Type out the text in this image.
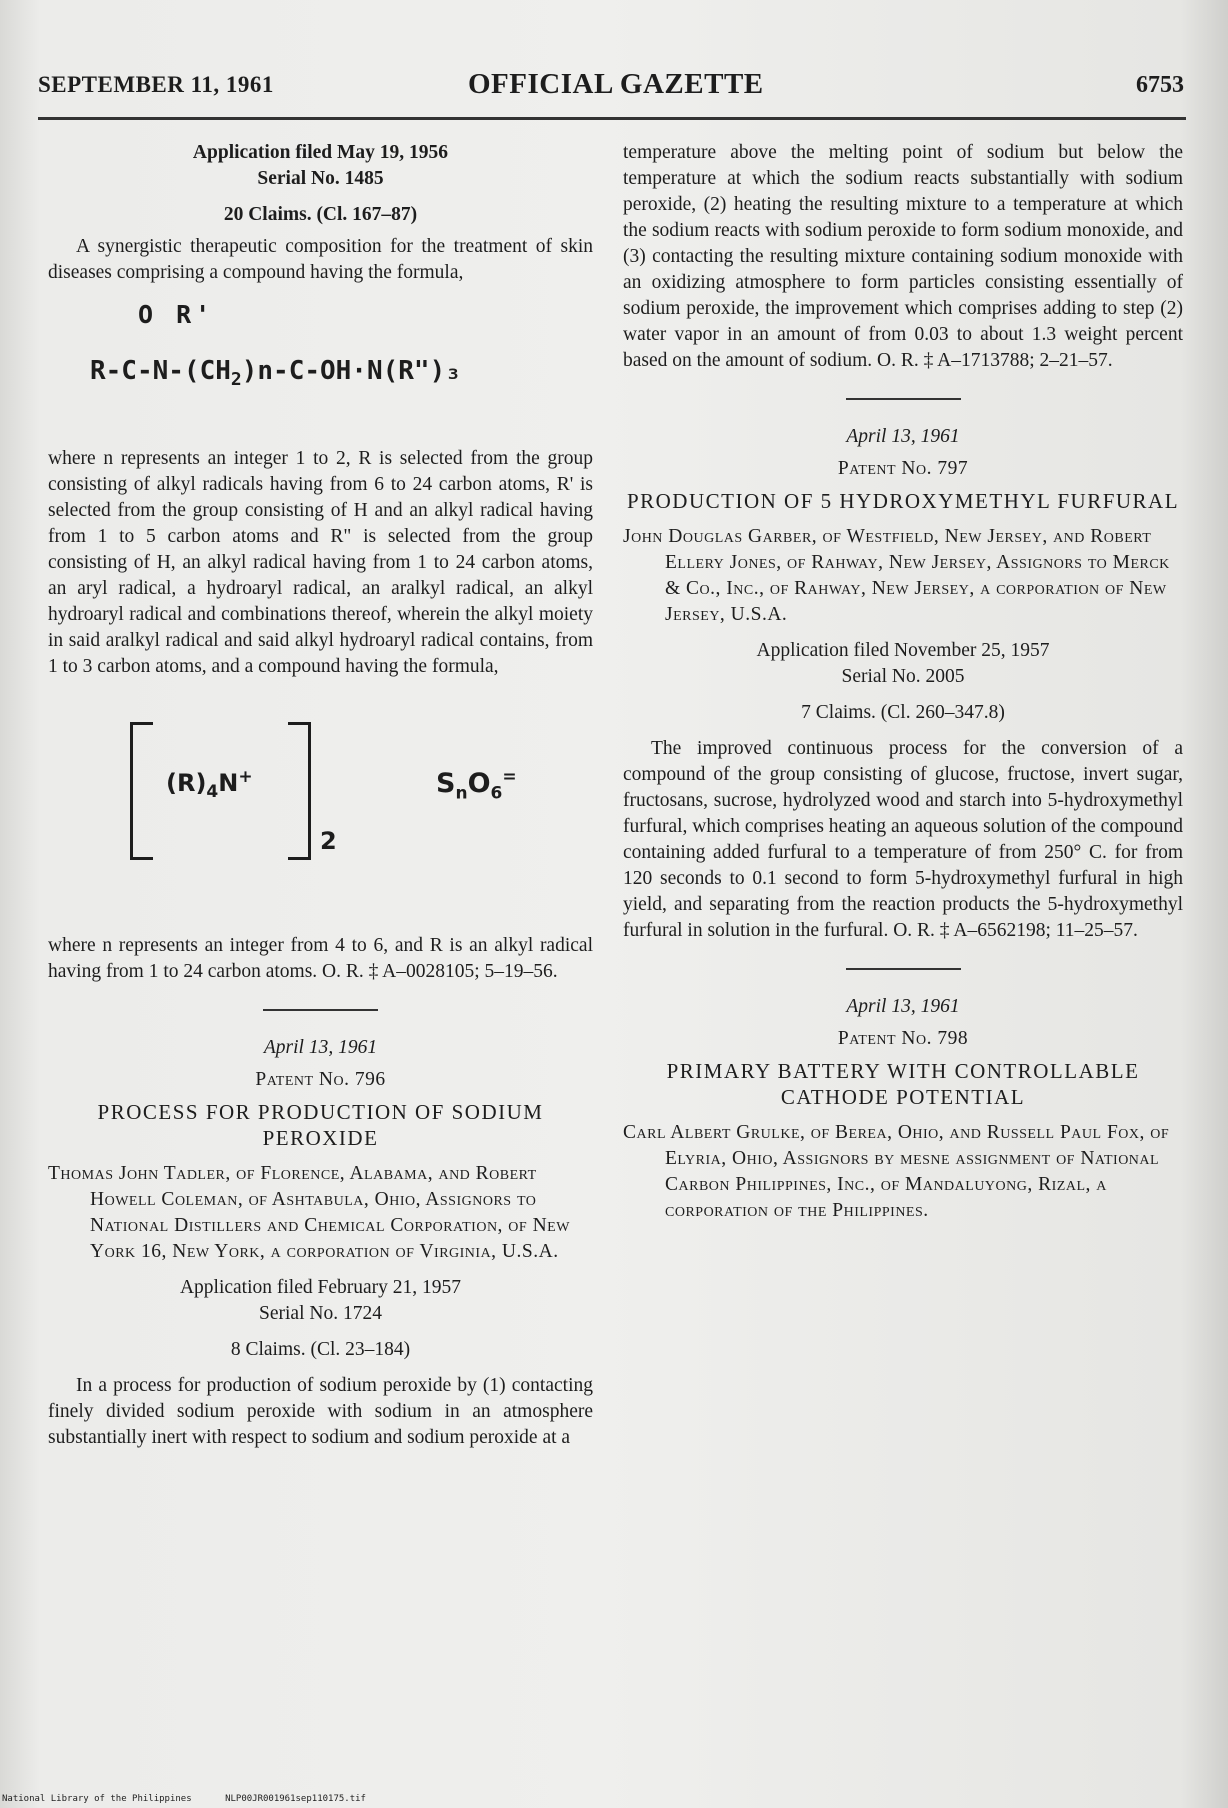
SEPTEMBER 11, 1961	OFFICIAL GAZETTE	6753

Application filed May 19, 1956

Serial No. 1485

20 Claims. (Cl. 167–87)

A synergistic therapeutic composition for the treatment of skin diseases comprising a compound having the formula,

O R'
$R-C-N-(CH_2)n-C-OH\cdot N(R")_3$

where n represents an integer 1 to 2, R is selected from the group consisting of alkyl radicals having from 6 to 24 carbon atoms, R' is selected from the group consisting of H and an alkyl radical having from 1 to 5 carbon atoms and R" is selected from the group consisting of H, an alkyl radical having from 1 to 24 carbon atoms, an aryl radical, a hydroaryl radical, an aralkyl radical, an alkyl hydroaryl radical and combinations thereof, wherein the alkyl moiety in said aralkyl radical and said alkyl hydroaryl radical contains, from 1 to 3 carbon atoms, and a compound having the formula,

$(R)_4N^+$
2
$S_nO_6^=$

where n represents an integer from 4 to 6, and R is an alkyl radical having from 1 to 24 carbon atoms. O. R. ‡ A–0028105; 5–19–56.

April 13, 1961

Patent No. 796

PROCESS FOR PRODUCTION OF SODIUM PEROXIDE

Thomas John Tadler, of Florence, Alabama, and Robert Howell Coleman, of Ashtabula, Ohio, Assignors to National Distillers and Chemical Corporation, of New York 16, New York, a corporation of Virginia, U.S.A.

Application filed February 21, 1957

Serial No. 1724

8 Claims. (Cl. 23–184)

In a process for production of sodium peroxide by (1) contacting finely divided sodium peroxide with sodium in an atmosphere substantially inert with respect to sodium and sodium peroxide at a

temperature above the melting point of sodium but below the temperature at which the sodium reacts substantially with sodium peroxide, (2) heating the resulting mixture to a temperature at which the sodium reacts with sodium peroxide to form sodium monoxide, and (3) contacting the resulting mixture containing sodium monoxide with an oxidizing atmosphere to form particles consisting essentially of sodium peroxide, the improvement which comprises adding to step (2) water vapor in an amount of from 0.03 to about 1.3 weight percent based on the amount of sodium. O. R. ‡ A–1713788; 2–21–57.

April 13, 1961

Patent No. 797

PRODUCTION OF 5 HYDROXYMETHYL FURFURAL

John Douglas Garber, of Westfield, New Jersey, and Robert Ellery Jones, of Rahway, New Jersey, Assignors to Merck & Co., Inc., of Rahway, New Jersey, a corporation of New Jersey, U.S.A.

Application filed November 25, 1957

Serial No. 2005

7 Claims. (Cl. 260–347.8)

The improved continuous process for the conversion of a compound of the group consisting of glucose, fructose, invert sugar, fructosans, sucrose, hydrolyzed wood and starch into 5-hydroxymethyl furfural, which comprises heating an aqueous solution of the compound containing added furfural to a temperature of from 250° C. for from 120 seconds to 0.1 second to form 5-hydroxymethyl furfural in high yield, and separating from the reaction products the 5-hydroxymethyl furfural in solution in the furfural. O. R. ‡ A–6562198; 11–25–57.

April 13, 1961

Patent No. 798

PRIMARY BATTERY WITH CONTROLLABLE CATHODE POTENTIAL

Carl Albert Grulke, of Berea, Ohio, and Russell Paul Fox, of Elyria, Ohio, Assignors by mesne assignment of National Carbon Philippines, Inc., of Mandaluyong, Rizal, a corporation of the Philippines.

National Library of the Philippines	NLP00JR001961sep110175.tif
